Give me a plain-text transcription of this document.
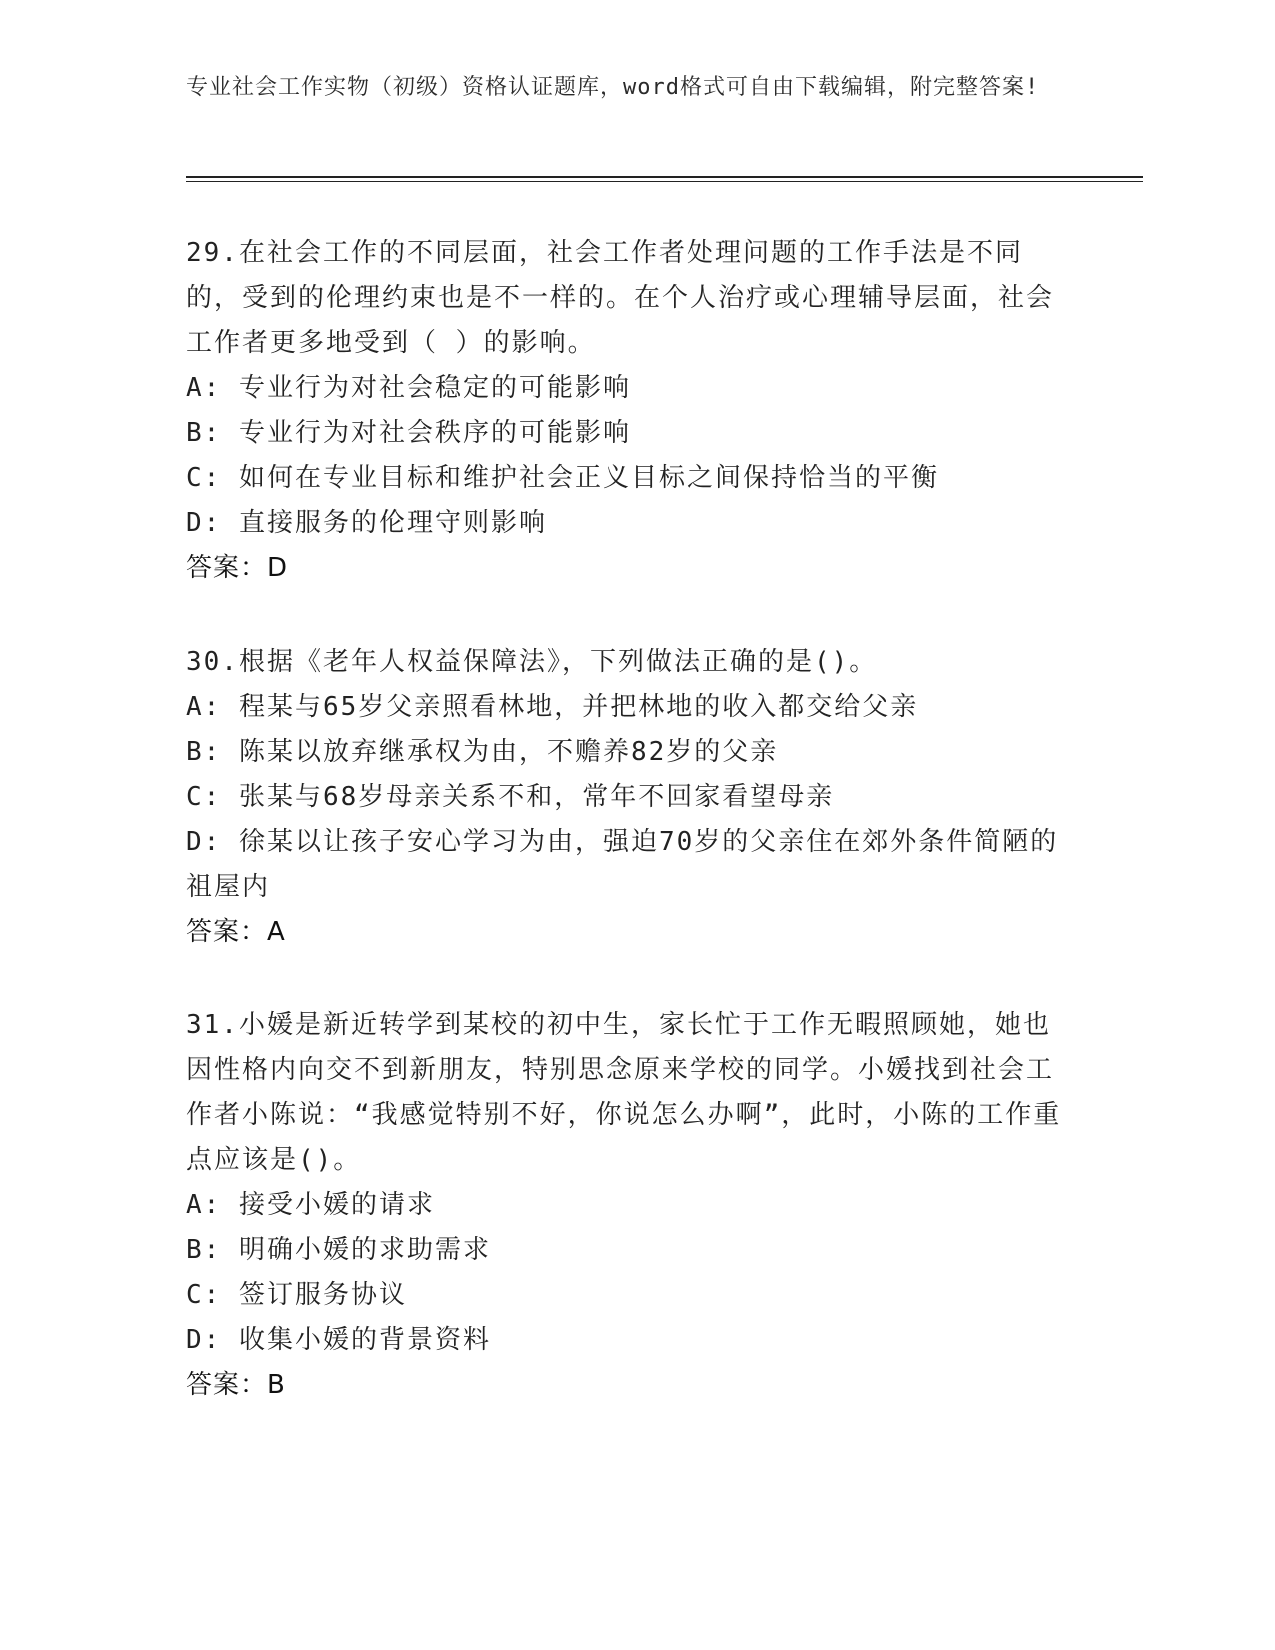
专业社会工作实物（初级）资格认证题库，word格式可自由下载编辑，附完整答案!

29.在社会工作的不同层面，社会工作者处理问题的工作手法是不同的，受到的伦理约束也是不一样的。在个人治疗或心理辅导层面，社会工作者更多地受到（ ）的影响。

A: 专业行为对社会稳定的可能影响

B: 专业行为对社会秩序的可能影响

C: 如何在专业目标和维护社会正义目标之间保持恰当的平衡

D: 直接服务的伦理守则影响

答案：D

30.根据《老年人权益保障法》，下列做法正确的是()。

A: 程某与65岁父亲照看林地，并把林地的收入都交给父亲

B: 陈某以放弃继承权为由，不赡养82岁的父亲

C: 张某与68岁母亲关系不和，常年不回家看望母亲

D: 徐某以让孩子安心学习为由，强迫70岁的父亲住在郊外条件简陋的祖屋内

答案：A

31.小媛是新近转学到某校的初中生，家长忙于工作无暇照顾她，她也因性格内向交不到新朋友，特别思念原来学校的同学。小媛找到社会工作者小陈说：“我感觉特别不好，你说怎么办啊”，此时，小陈的工作重点应该是()。

A: 接受小媛的请求

B: 明确小媛的求助需求

C: 签订服务协议

D: 收集小媛的背景资料

答案：B
